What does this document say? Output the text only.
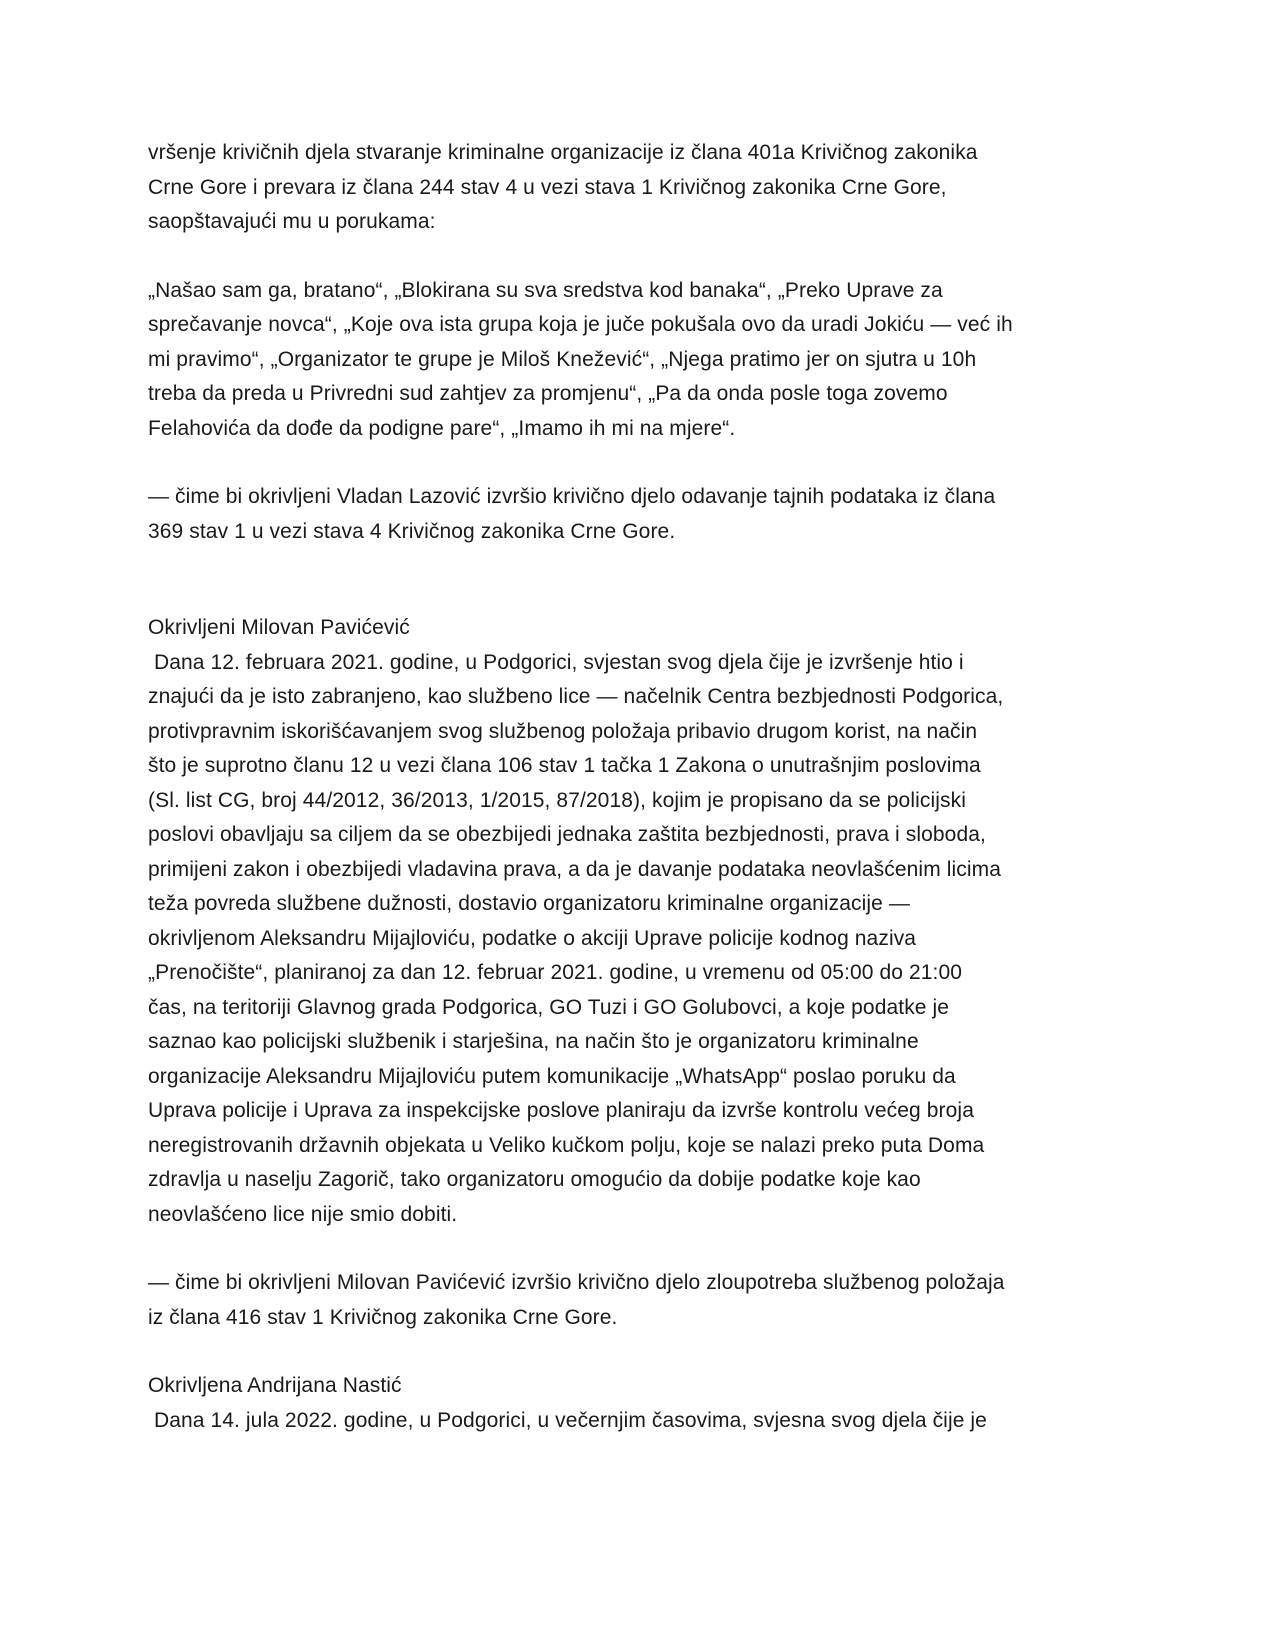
vršenje krivičnih djela stvaranje kriminalne organizacije iz člana 401a Krivičnog zakonika
Crne Gore i prevara iz člana 244 stav 4 u vezi stava 1 Krivičnog zakonika Crne Gore,
saopštavajući mu u porukama:
„Našao sam ga, bratano“, „Blokirana su sva sredstva kod banaka“, „Preko Uprave za
sprečavanje novca“, „Koje ova ista grupa koja je juče pokušala ovo da uradi Jokiću — već ih
mi pravimo“, „Organizator te grupe je Miloš Knežević“, „Njega pratimo jer on sjutra u 10h
treba da preda u Privredni sud zahtjev za promjenu“, „Pa da onda posle toga zovemo
Felahovića da dođe da podigne pare“, „Imamo ih mi na mjere“.
— čime bi okrivljeni Vladan Lazović izvršio krivično djelo odavanje tajnih podataka iz člana
369 stav 1 u vezi stava 4 Krivičnog zakonika Crne Gore.
Okrivljeni Milovan Pavićević
Dana 12. februara 2021. godine, u Podgorici, svjestan svog djela čije je izvršenje htio i
znajući da je isto zabranjeno, kao službeno lice — načelnik Centra bezbjednosti Podgorica,
protivpravnim iskorišćavanjem svog službenog položaja pribavio drugom korist, na način
što je suprotno članu 12 u vezi člana 106 stav 1 tačka 1 Zakona o unutrašnjim poslovima
(Sl. list CG, broj 44/2012, 36/2013, 1/2015, 87/2018), kojim je propisano da se policijski
poslovi obavljaju sa ciljem da se obezbijedi jednaka zaštita bezbjednosti, prava i sloboda,
primijeni zakon i obezbijedi vladavina prava, a da je davanje podataka neovlašćenim licima
teža povreda službene dužnosti, dostavio organizatoru kriminalne organizacije —
okrivljenom Aleksandru Mijajloviću, podatke o akciji Uprave policije kodnog naziva
„Prenočište“, planiranoj za dan 12. februar 2021. godine, u vremenu od 05:00 do 21:00
čas, na teritoriji Glavnog grada Podgorica, GO Tuzi i GO Golubovci, a koje podatke je
saznao kao policijski službenik i starješina, na način što je organizatoru kriminalne
organizacije Aleksandru Mijajloviću putem komunikacije „WhatsApp“ poslao poruku da
Uprava policije i Uprava za inspekcijske poslove planiraju da izvrše kontrolu većeg broja
neregistrovanih državnih objekata u Veliko kučkom polju, koje se nalazi preko puta Doma
zdravlja u naselju Zagorič, tako organizatoru omogućio da dobije podatke koje kao
neovlašćeno lice nije smio dobiti.
— čime bi okrivljeni Milovan Pavićević izvršio krivično djelo zloupotreba službenog položaja
iz člana 416 stav 1 Krivičnog zakonika Crne Gore.
Okrivljena Andrijana Nastić
Dana 14. jula 2022. godine, u Podgorici, u večernjim časovima, svjesna svog djela čije je
